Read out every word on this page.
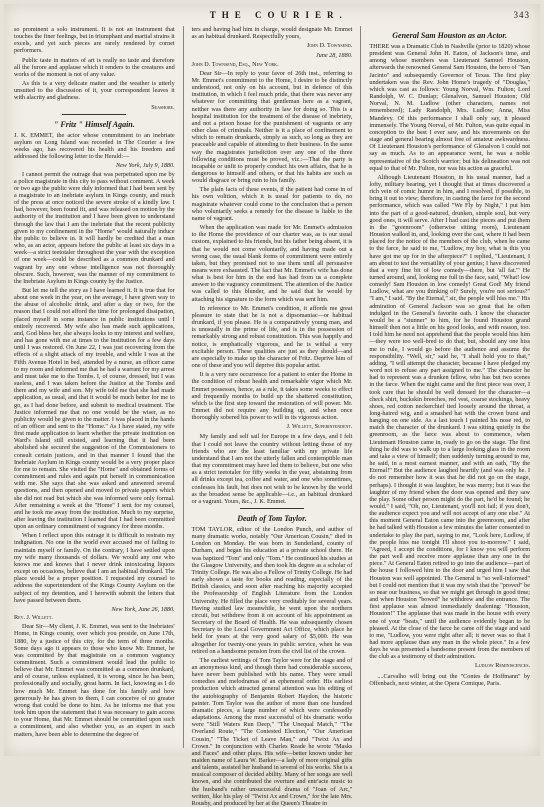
THE COURIER.	343

so prominent a solo instrument. It is not an instrument that touches the finer feelings, but in triumphant and martial strains it excels, and yet such pieces are rarely rendered by cornet performers.

Public taste in matters of art is really no taste and therefore all the furore and applause which it renders to the creatures and works of the moment is not of any value.

As this is a very delicate matter and the weather is utterly unsuited to the discussion of it, your correspondent leaves it with alacrity and gladness.

Seashore.
" Fritz " Himself Again.

J. K. EMMET, the actor whose commitment to an inebriate asylum on Long Island was recorded in The Courier a few weeks ago, has recovered his health and his freedom and addressed the following letter to the Herald:—

New York, July 9, 1880.

I cannot permit the outrage that was perpetrated upon me by a police magistrate in this city to pass without comment. A week or two ago the public were duly informed that I had been sent by a magistrate to an inebriate asylum in Kings county, and much of the press at once noticed the severe stroke of a kindly law. I had, however, been found fit, and was released on motion by the authority of the institution and I have been given to understand through the law that I am the inebriate that the recent publicity given to my confinement in the "Home" would naturally induce the public to believe in. It will hardly be credited that a man who, as an actor, appears before the public at least six days in a week—a strict teetotaler throughout the year with the exception of one week—could be described as a common drunkard and vagrant by any one whose intelligence was not thoroughly obscure. Such, however, was the manner of my commitment to the Inebriate Asylum in Kings county by the Justice.

But let me tell the story as I have learned it. It is true that for about one week in the year, on the average, I have given way to the abuse of alcoholic drink, and after a day or two, for the reason that I could not afford the time for prolonged dissipation, placed myself in some instance in public institutions until I entirely recovered. My wife also has made such applications, and, God bless her, she always looks to my interest and welfare, and has gone with me at times to the institution for a few days until I was restored. On June 22, I was just recovering from the effects of a slight attack of my trouble, and while I was at the Fifth Avenue Hotel in bed, attended by a nurse, an officer came to my room and informed me that he had a warrant for my arrest and must take me to the Tombs. I, of course, dressed, but I was sueless, and I was taken before the Justice at the Tombs and there and my wife and son. My wife told me that she had made application, as usual, and that it would be much better for me to go, as I had done before, and submit to medical treatment. The Justice informed me that no one would be the wiser, as no publicity would be given to the matter. I was placed in the hands of an officer and sent to the "Home." As I have stated, my wife first made application to learn whether the private institution on Ward's Island still existed, and learning that it had been abolished she secured the suggestion of the Commissioners to consult certain justices, and in that manner I found that the Inebriate Asylum in Kings county would be a very proper place for me to remain. She visited the "Home" and obtained forms of commitment and rules and again put herself in communication with me. She says that she was asked and answered several questions, and then opened and moved to private papers which she did not read but which she was informed were only formal. After remaining a week at the "Home" I sent for my counsel, and he took me away from the institution. Much to my surprise, after leaving the institution I learned that I had been committed upon an ordinary commitment of vagrancy for three months.

When I reflect upon this outrage it is difficult to restrain my indignation. No one in the world ever accused me of failing to maintain myself or family. On the contrary, I have settled upon my wife many thousands of dollars. We would any one who knows me and knows that I never drink intoxicating liquors except on occasions, believe that I am an habitual drunkard. The place would be a proper position. I requested my counsel to address the superintendent of the Kings County Asylum on the subject of my detention, and I herewith submit the letters that have passed between them.

New York, June 26, 1880.

Rev. J. Willett.

Dear Sir—My client, J. K. Emmet, was sent to the Inebriates' Home, in Kings county, over which you preside, on June 17th, 1880, by a justice of this city, for the term of three months. Some days ago it appears to those who know Mr. Emmet, he was committed by that magistrate on a common vagrancy commitment. Such a commitment would lead the public to believe that Mr. Emmet was committed as a common drunkard, and of course, unless explained, it is wrong, since he has been, professionally and socially, great harm. In fact, knowing as I do how much Mr. Emmet has done for his family and how generously he has given to them, I can conceive of no greater wrong that could be done to him. As he informs me that you took him upon the statement that it was necessary to gain access to your Home, that Mr. Emmet should be committed upon such a commitment, and also whether you, as an expert in such matters, have been able to determine the degree of

ters and having had him in charge, would designate Mr. Emmet as an habitual drunkard. Respectfully yours,

John D. Townsend.
June 28, 1880.

John D. Townsend, Esq., New York.

Dear Sir—In reply to your favor of 26th inst., referring to Mr. Emmet's commitment to the Home, I desire to be distinctly understood, not only on his account, but in defence of this institution, in which I feel much pride, that there was never any whatever for committing that gentleman here as a vagrant, neither was there any authority in law for doing so. This is a hospital institution for the treatment of the disease of inebriety, and not a prison house for the punishment of vagrants or any other class of criminals. Neither is it a place of confinement to which to remain drunkards, simply as such, so long as they are peaceable and capable of attending to their business. In the same way the magistrates jurisdiction over any one of the three following conditions must be proved, viz.:—That the party is incapable or unfit to properly conduct his own affairs, that he is dangerous to himself and others, or that his habits are such as would disgrace or bring ruin to his family.

The plain facts of these events, if the patient had come in of his own volition, which it is usual for patients to do, no magistrate whatever could come to the conclusion that a person who voluntarily seeks a remedy for the disease is liable to the name of vagrant.

When the application was made for Mr. Emmet's admission to the Home the providence of our charter was, as is our usual custom, explained to his friends, but his father being absent, it is that he would not come voluntarily, and having made out a wrong case, the usual blank forms of commitment were entirely taken, but they promised not to use them until all persuasive means were exhausted. The fact that Mr. Emmet's wife has done what is best for him in the end has had from us a complete answer to the vagrancy commitment. The attention of the Justice was called to this blunder, and he said that he would by attaching his signature to the form which was sent him.

In reference to Mr. Emmet's condition, it affords me great pleasure to state that he is not a dipsomaniac—or habitual drunkard, if you please. He is a comparatively young man, and is unusually in the prime of life, and is in the possession of remarkably strong and robust constitution. This was happily and notice, is emphatically vigorous, and he is withal a very excitable person. These qualities are just as they should—and are especially to make up the character of Fritz. Deprive him of one of these and you will deprive this popular artist.

It is a very rare occurrence for a patient to enter the Home in the condition of robust health and remarkable vigor which Mr. Emmet possesses, hence, as a rule, it takes some weeks to effect and frequently months to build up the shattered constitution, which is the first step toward the restoration of will power. Mr. Emmet did not require any building up, and when once thoroughly sobered his power to will in its vigorous action.

J. Willett, Superintendent.

My family and self sail for Europe in a few days, and I felt that I could not leave the country without letting those of my friends who are the least familiar with my private life understand that I am not the utterly fallen and contemptible man that my commitment may have led them to believe, but one who as a strict teetotaler for fifty weeks in the year, abstaining from all drinks except tea, coffee and water, and one who sometimes, confesses his fault, but does not wish to be known by the world as the broadest sense be applicable—i.e., an habitual drunkard or a vagrant. Yours, &c., J. K. Emmet.

Death of Tom Taylor.

TOM TAYLOR, editor of the London Punch, and author of many dramatic works, notably "Our American Cousin," died in London on Monday. He was born in Sunderland, county of Durham, and began his education at a private school there. He was baptized "Tom" and only "Tom." He continued his studies at the Glasgow University, and then took his degree as a scholar of Trinity College. He was also a Fellow of Trinity College. He had early shown a taste for books and reading, especially of the British classics, and soon after reaching his majority accepted the Professorship of English Literature from the London University. He filled the place very creditably for several years. Having studied law meanwhile, he went upon the northern circuit, but withdrew from it on account of his appointment as Secretary of the Board of Health. He was subsequently chosen Secretary to the Local Government Act Office, which place he held for years at the very good salary of $5,000. He was altogether for twenty-one years in public service, when he was retired on a handsome pension from the civil list of the crown.

The earliest writings of Tom Taylor were for the stage and of an anonymous kind, and though there had considerable success, have never been published with his name. They were small comedies and melodramas of an ephemeral order. His earliest production which attracted general attention was his editing of the autobiography of Benjamin Robert Haydon, the historic painter. Tom Taylor was the author of more than one hundred dramatic pieces, a large number of which were confessedly adaptations. Among the most successful of his dramatic works were "Still Waters Run Deep," "The Unequal Match," "The Overland Route," "The Contested Election," "Our American Cousin," "The Ticket of Leave Man," and "Twixt Ax and Crown." In conjunction with Charles Reade he wrote "Masks and Faces" and other plays. His wife—better known under her maiden name of Laura W. Barker—a lady of more original gifts and talents, assisted her husband in several of his works. She is a musical composer of decided ability. Many of her songs are well known, and she contributed the overture and entr'acte music to the husband's rather unsuccessful drama of "Joan of Arc," written, like his play of "Twixt Ax and Crown," for the late Mrs. Rousby, and produced by her at the Queen's Theatre in

General Sam Houston as an Actor.

THERE was a Dramatic Club in Nashville (prior to 1820) whose president was General John H. Eaton, of Jackson's time, and among whose members was Lieutenant Samuel Houston, afterwards the renowned General Sam Houston, the hero of "San Jacinto" and subsequently Governor of Texas. The first play undertaken was the Rev. John Home's tragedy of "Douglas," which was cast as follows: Young Norval, Wm. Fulton; Lord Randolph, W. C. Dunlap; Glenalvon, Samuel Houston; Old Norval, N. M. Ludlow (other characters, names not remembered); Lady Randolph, Mrs. Ludlow; Anna, Miss Mandevy. Of this performance I shall only say, it pleased immensely. The Young Norval, of Mr. Fulton, was quite equal in conception to the best I ever saw, and his movements on the stage and general bearing almost free of amateur awkwardness. Of Lieutenant Houston's performance of Glenalvon I could not say as much. As to an appearance went, he was a noble representative of the Scotch warrior; but his delineation was not equal to that of Mr. Fulton, nor was his action as graceful.

Although Lieutenant Houston, in his usual manner, had a lofty, military bearing, yet I thought that at times discovered a rich vein of comic humor in him, and I resolved, if possible, to bring it out to view; therefore, in casting the farce for the second performance, which was called "We Fly by Night," I put him into the part of a good-natured, drunken, simple soul, but very good ones, it will serve. After I had cast the pieces and put them in the "greenroom" (otherwise sitting room), Lieutenant Houston walked in, and, looking over the cast, where it had been placed for the notice of the members of the club, when he came to the farce, he said to me, "Ludlow, my boy, what is this you have got me up for in the afterpiece?" I replied, "Lieutenant, I am about to test the versatility of your genius; I have discovered that a very fine bit of low comedy—there, but 'all fat.'" He turned around, and, looking me full in the face, said, "What! low comedy! Sam Houston in low comedy! Great God! My friend Ludlow, what are you thinking of? Surely, you're not serious?" "I am," I said. "By the Eternal," sir, the people will hiss me." His admiration of General Jackson was so great that he often indulged in the General's favorite oath. I know the character would be a "stunner" to him, for he found Houston grand himself then not a little on his good looks, and with reason, too. I told him he need not apprehend that the people would hiss him—they were too well-bred to do that; but, should any one hiss me to rule, I would go before the audience and assume the responsibility. "Well, sir," said he, "I shall hold you to that," adding, "I will attempt the character, because I have pledged my word not to refuse any part assigned to me." The character he had to represent was a drunken fellow, who has but two scenes in the farce. When the night came and the first piece was over, I took care that he should be well dressed for the character—a check shirt, buckskin breeches, red vest, coarse stockings, heavy shoes, red cotton neckerchief tied loosely around the throat, a long-haired wig, and a smashed hat with the crown burst and hanging on one side. As a last touch I painted his nose red, to match the character of the drunkard. I was sitting quietly in the greenroom, as the farce was about to commence, when Lieutenant Houston came in, ready to go on the stage. The first thing he did was to walk up to a large looking glass in the room and take a view of himself; then suddenly turning around to me, he said, in a most earnest manner, and with an oath, "By the Eternal!" But the audience laughed heartily (and was only he. I do not remember how it was that he did not go on the stage, perhaps). I thought it was laughter, he was merry; but it was the laughter of my friend when the door was opened and they saw the play. Some other person might do the part, he'd be found; he would." I said, "Oh, no, Lieutenant, you'll not fail; if you don't, the audience expect you and will not accept of any one else." At this moment General Eaton came into the greenroom, and after he had talked with Houston a few minutes the latter consented to undertake to play the part, saying to me, "Look here, Ludlow, if the people hiss me tonight I'll shoot you to-morrow." I said, "Agreed, I accept the conditions, for I know you will perform the part well and receive more applause than any one in the piece." At General Eaton retired to go into the audience—part of the house I followed him to the door and urged him I saw that Houston was well appointed. The General is "so well-informed" but I could not mention that it was my wish that the "proved" be so near our business, so that we might get through in good time; and when Houston "bowed" he withdrew and the entrance. The first applause was almost immediately deafening: "Houston, Houston!" The applause that was made in the house with every one of your "beats," until the audience evidently began to be pleased. At the close of the farce he came off the stage and said to me, "Ludlow, you were right after all; it never was so that I had more applause than any man in the whole piece." In a few days he was presented a handsome present from the members of the club as a testimony of their admiration.

Ludlow Reminiscences.

....Carvalho will bring out the "Contes de Hoffmann" by Offenbach, next winter, at the Opera Comique, Paris.
